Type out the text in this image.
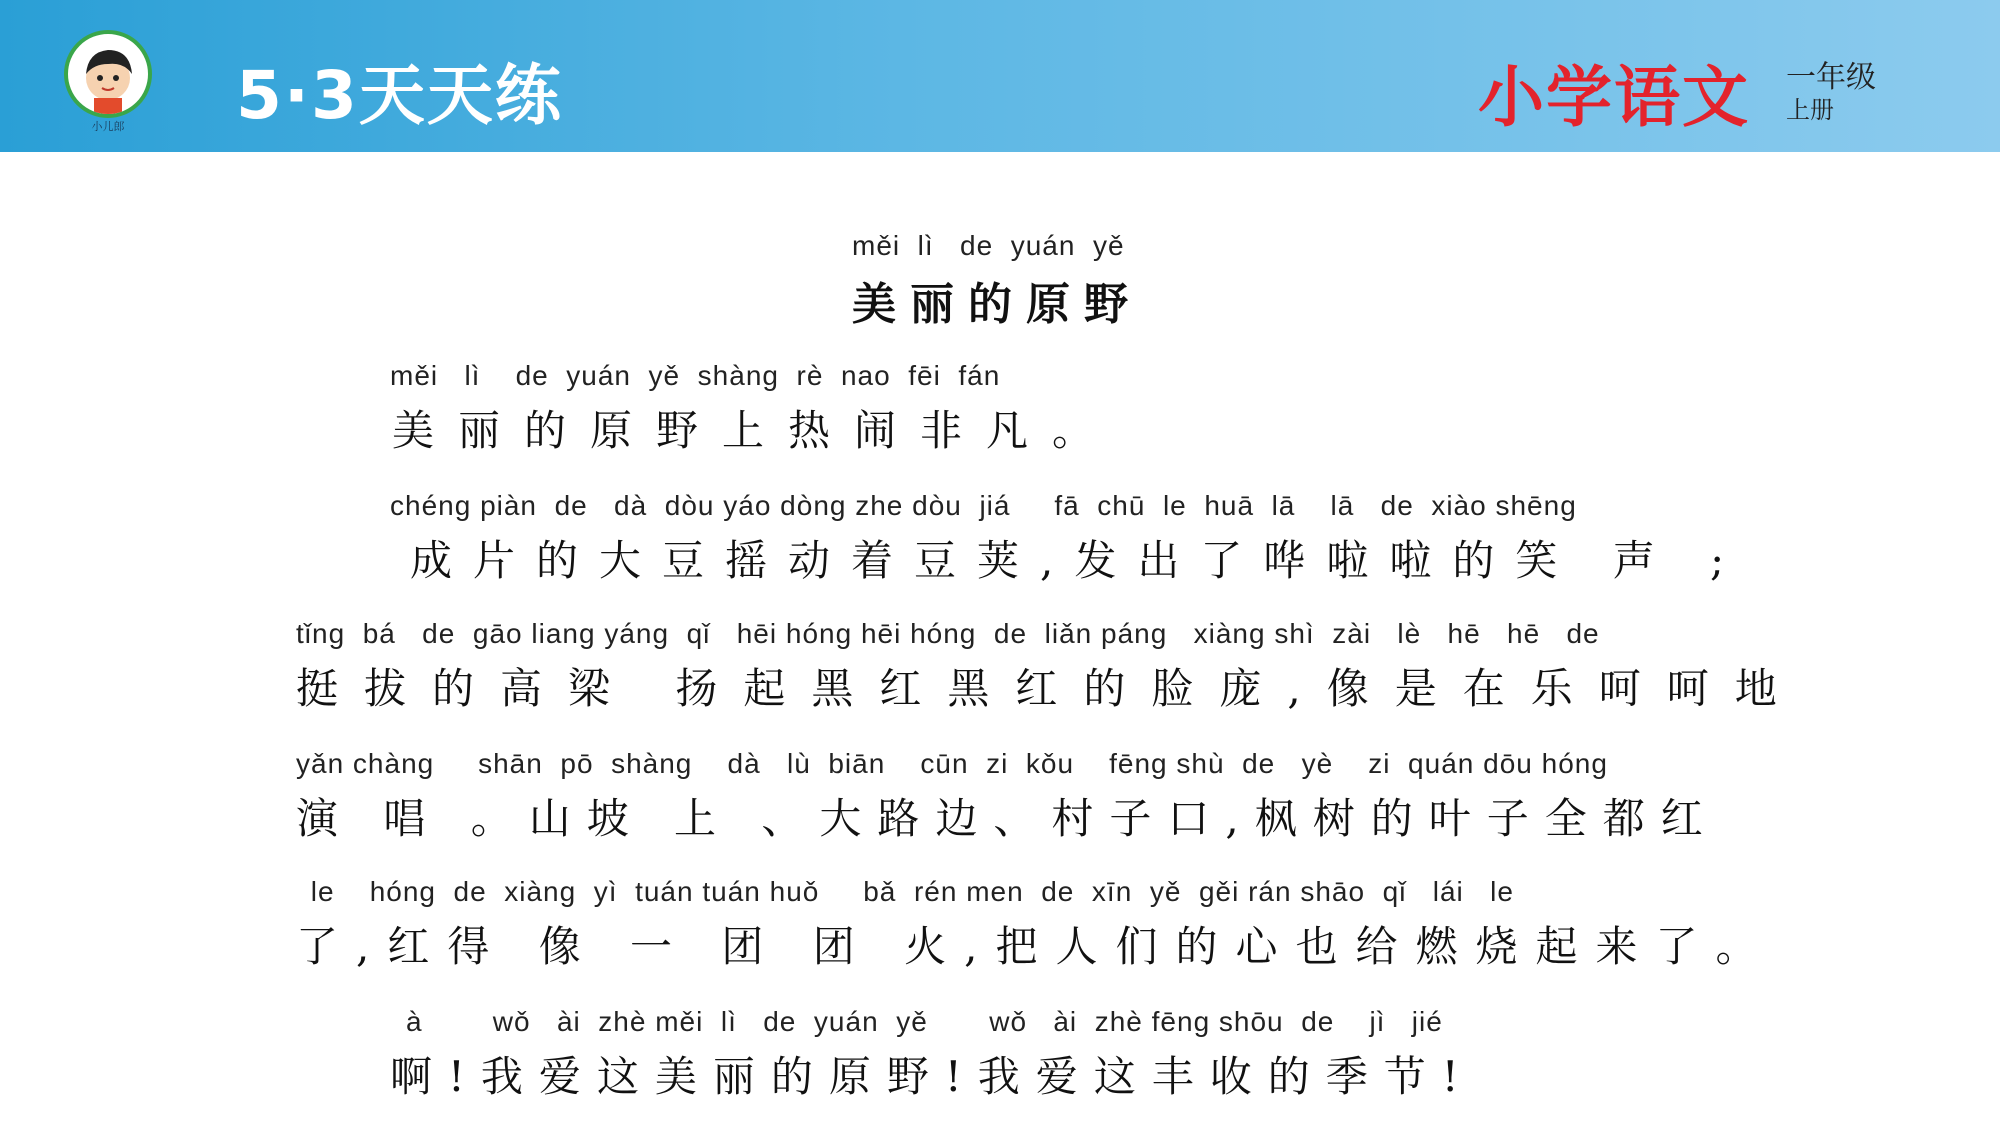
小儿郎	5·3天天练	小学语文 一年级
上册
měi  lì   de  yuán  yě
美丽的原野
měi   lì    de  yuán  yě  shàng  rè  nao  fēi  fán
美丽的原野上热闹非凡。
chéng piàn  de   dà  dòu yáo dòng zhe dòu  jiá     fā  chū  le  huā  lā    lā   de  xiào shēng
成片的大豆摇动着豆荚,发出了哗啦啦的笑 声 ;
tǐng  bá   de  gāo liang yáng  qǐ   hēi hóng hēi hóng  de  liǎn páng   xiàng shì  zài   lè   hē   hē   de
挺拔的高梁 扬起黑红黑红的脸庞,像是在乐呵呵地
yǎn chàng     shān  pō  shàng    dà   lù  biān    cūn  zi  kǒu    fēng shù  de   yè    zi  quán dōu hóng
演 唱 。山坡 上 、大路边、村子口,枫树的叶子全都红
le    hóng  de  xiàng  yì  tuán tuán huǒ     bǎ  rén men  de  xīn  yě  gěi rán shāo  qǐ   lái   le
了,红得 像 一 团 团 火,把人们的心也给燃烧起来了。
à        wǒ   ài  zhè měi  lì   de  yuán  yě       wǒ   ài  zhè fēng shōu  de    jì   jié
啊!我爱这美丽的原野!我爱这丰收的季节!
